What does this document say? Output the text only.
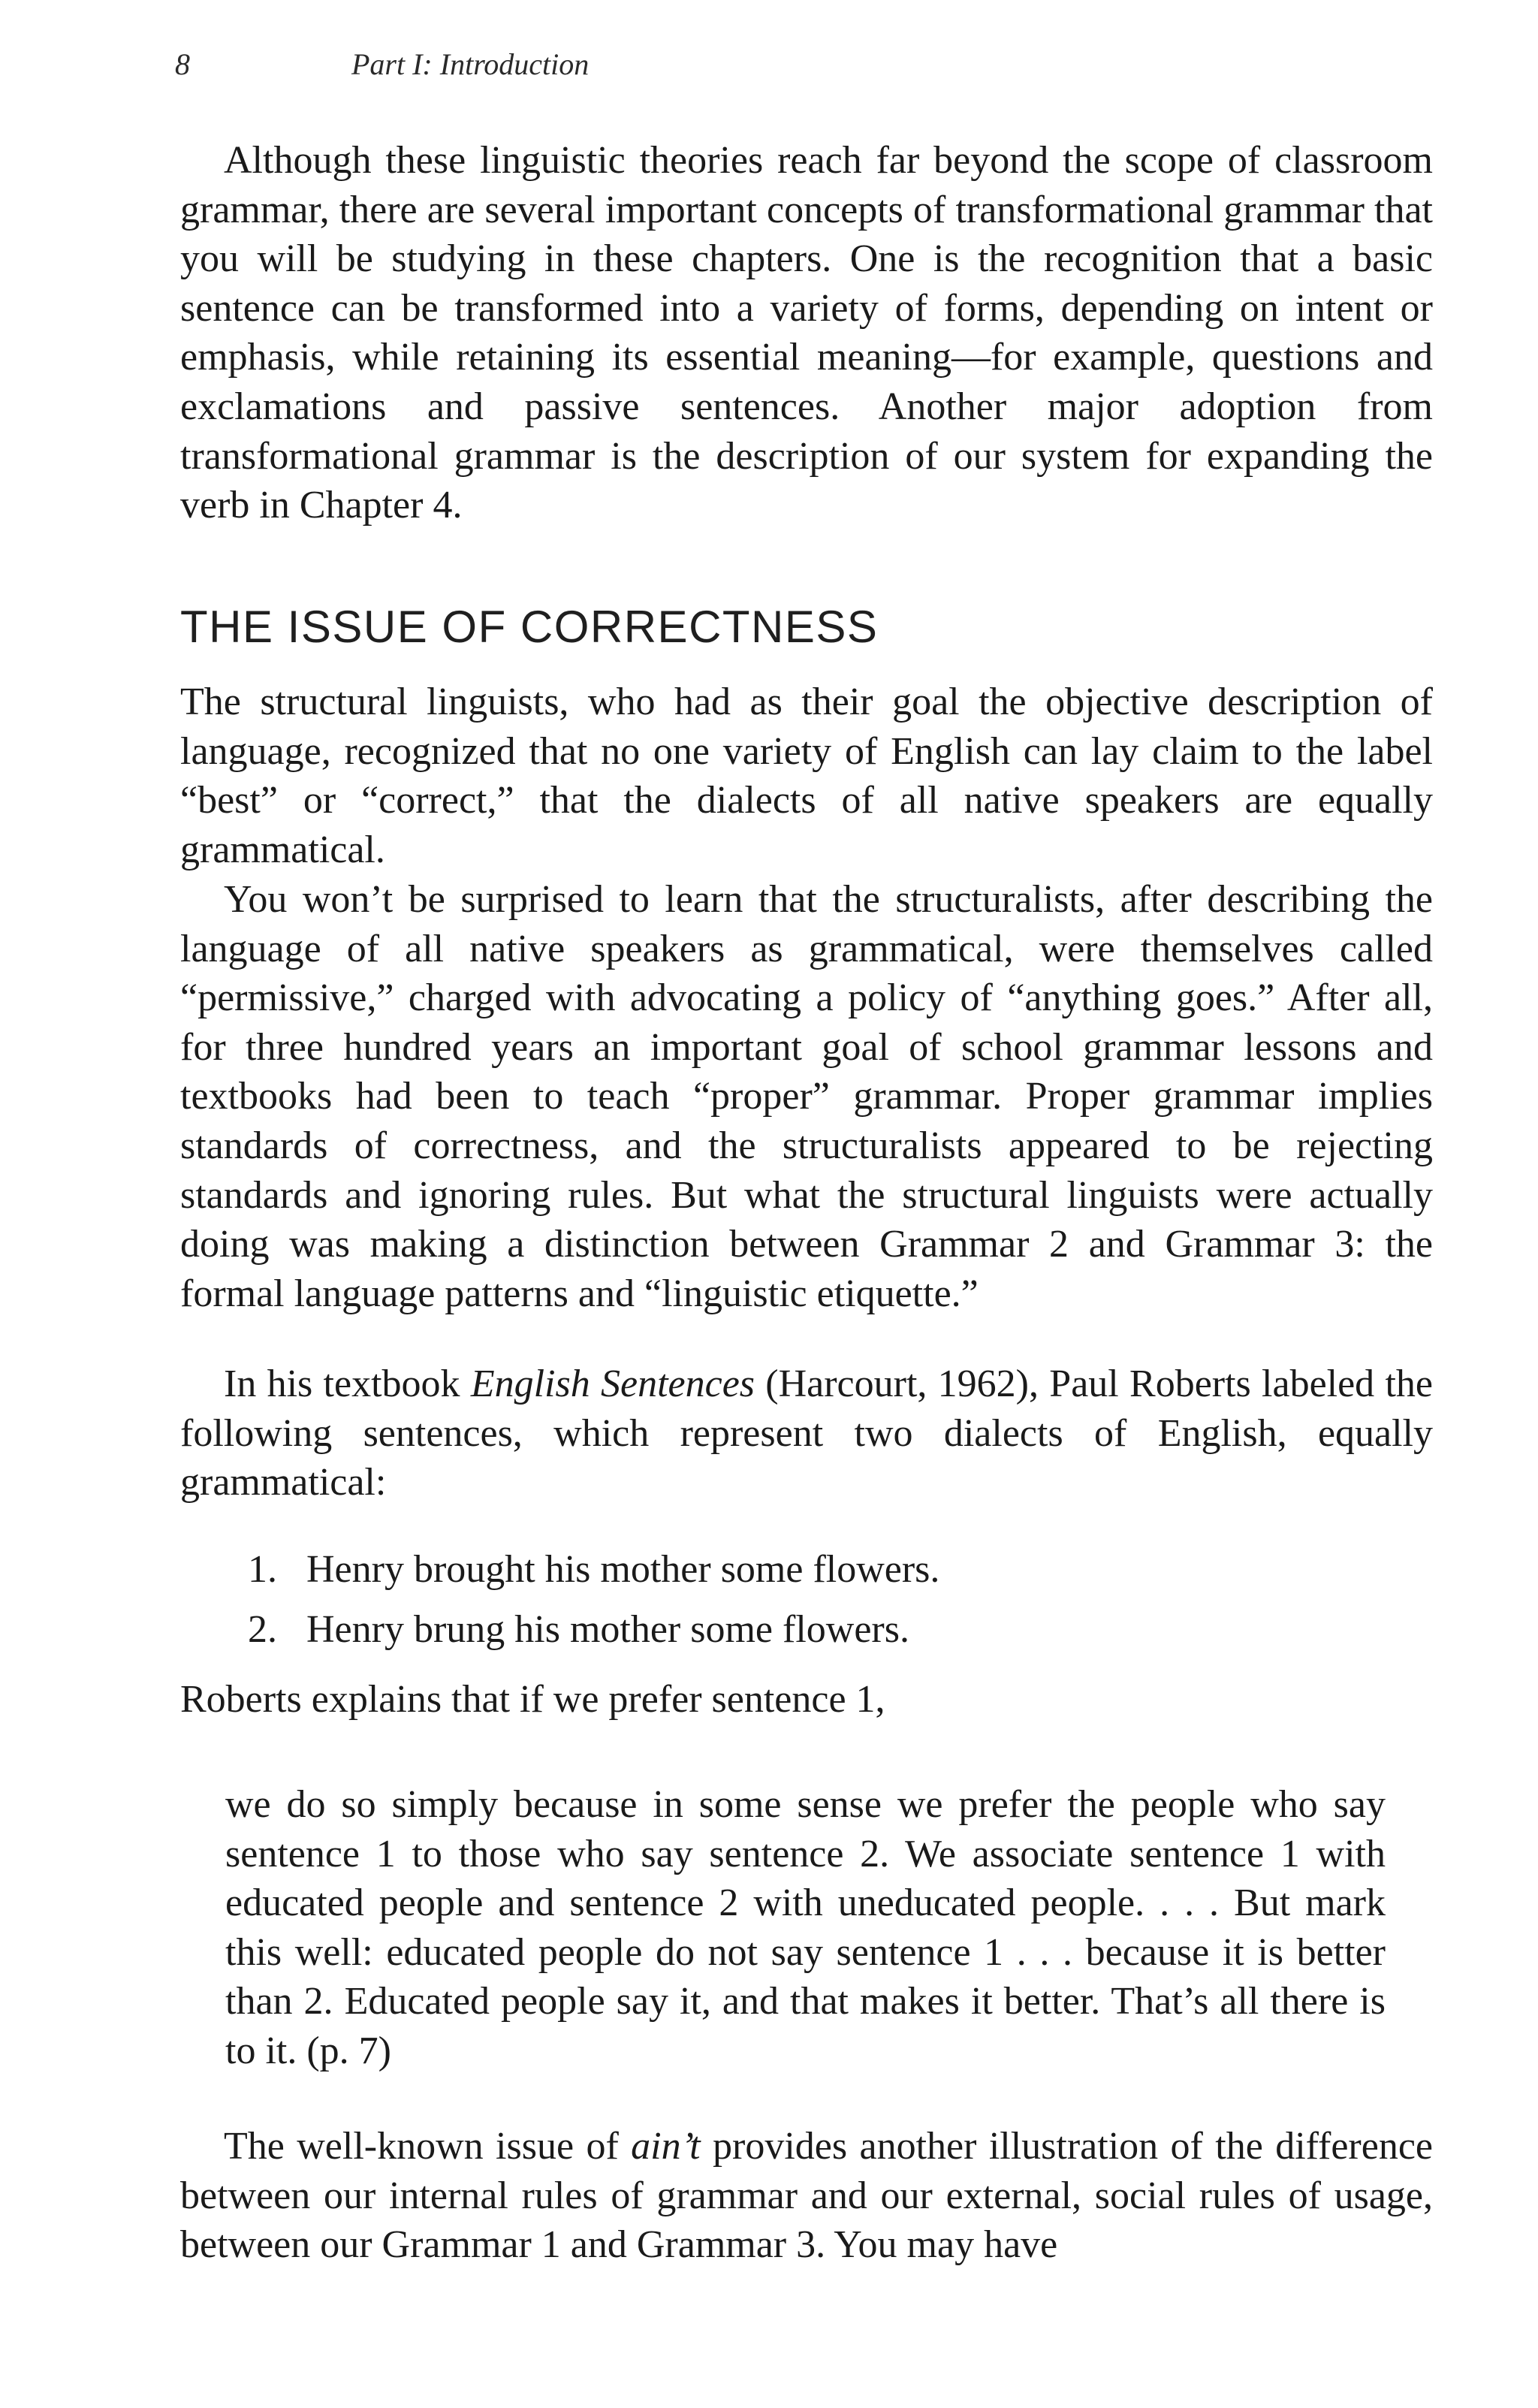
8	Part I: Introduction

Although these linguistic theories reach far beyond the scope of classroom grammar, there are several important concepts of transformational grammar that you will be studying in these chapters. One is the recognition that a basic sentence can be transformed into a variety of forms, depending on intent or emphasis, while retaining its essential meaning—for example, questions and exclamations and passive sentences. Another major adoption from transformational grammar is the description of our system for expanding the verb in Chapter 4.

THE ISSUE OF CORRECTNESS

The structural linguists, who had as their goal the objective description of language, recognized that no one variety of English can lay claim to the label “best” or “correct,” that the dialects of all native speakers are equally grammatical.

You won’t be surprised to learn that the structuralists, after describing the language of all native speakers as grammatical, were themselves called “permissive,” charged with advocating a policy of “anything goes.” After all, for three hundred years an important goal of school grammar lessons and textbooks had been to teach “proper” grammar. Proper grammar implies standards of correctness, and the structuralists appeared to be rejecting standards and ignoring rules. But what the structural linguists were actually doing was making a distinction between Grammar 2 and Grammar 3: the formal language patterns and “linguistic etiquette.”

In his textbook English Sentences (Harcourt, 1962), Paul Roberts labeled the following sentences, which represent two dialects of English, equally grammatical:

1. Henry brought his mother some flowers.
2. Henry brung his mother some flowers.

Roberts explains that if we prefer sentence 1,

we do so simply because in some sense we prefer the people who say sentence 1 to those who say sentence 2. We associate sentence 1 with educated people and sentence 2 with uneducated people. . . . But mark this well: educated people do not say sentence 1 . . . because it is better than 2. Educated people say it, and that makes it better. That’s all there is to it. (p. 7)

The well-known issue of ain’t provides another illustration of the difference between our internal rules of grammar and our external, social rules of usage, between our Grammar 1 and Grammar 3. You may have
